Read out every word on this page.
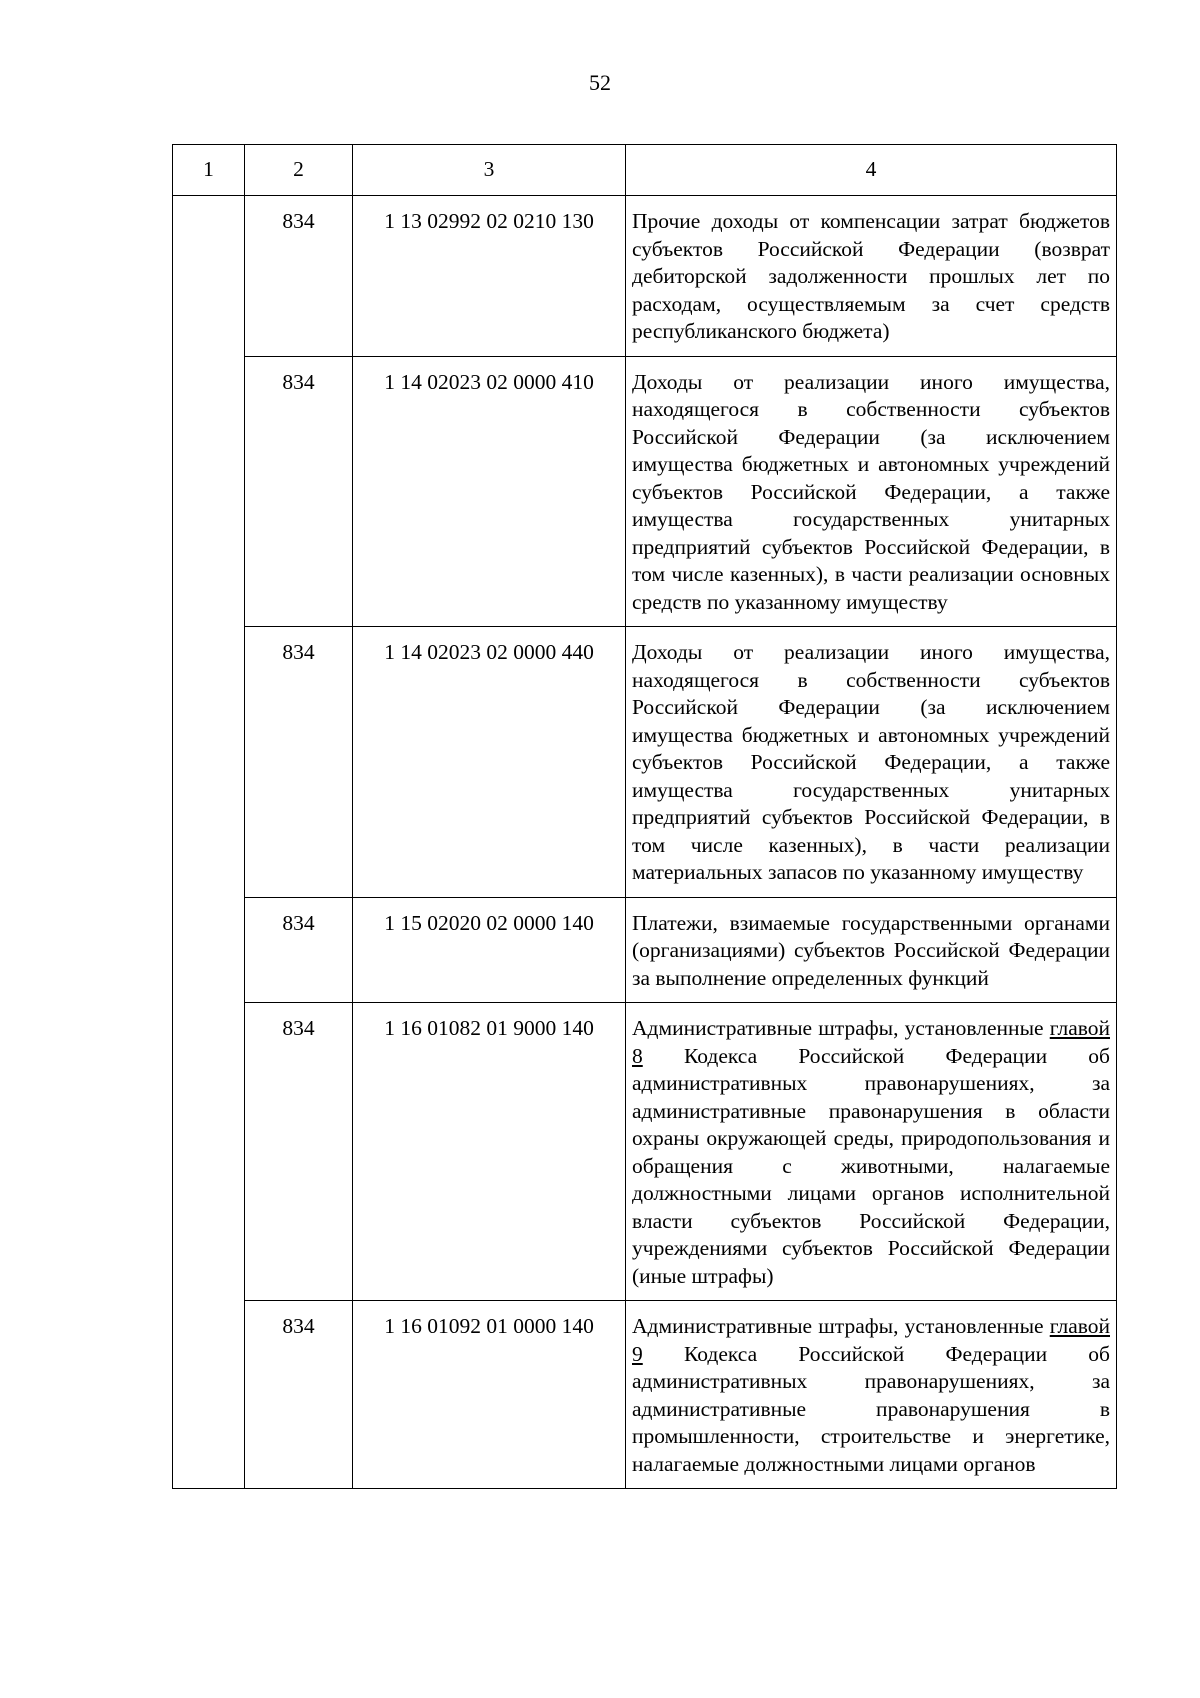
52
1	2	3	4
	834	1 13 02992 02 0210 130	Прочие доходы от компенсации затрат бюджетов субъектов Российской Федерации (возврат дебиторской задолженности прошлых лет по расходам, осуществляемым за счет средств республиканского бюджета)
	834	1 14 02023 02 0000 410	Доходы от реализации иного имущества, находящегося в собственности субъектов Российской Федерации (за исключением имущества бюджетных и автономных учреждений субъектов Российской Федерации, а также имущества государственных унитарных предприятий субъектов Российской Федерации, в том числе казенных), в части реализации основных средств по указанному имуществу
	834	1 14 02023 02 0000 440	Доходы от реализации иного имущества, находящегося в собственности субъектов Российской Федерации (за исключением имущества бюджетных и автономных учреждений субъектов Российской Федерации, а также имущества государственных унитарных предприятий субъектов Российской Федерации, в том числе казенных), в части реализации материальных запасов по указанному имуществу
	834	1 15 02020 02 0000 140	Платежи, взимаемые государственными органами (организациями) субъектов Российской Федерации за выполнение определенных функций
	834	1 16 01082 01 9000 140	Административные штрафы, установленные главой 8 Кодекса Российской Федерации об административных правонарушениях, за административные правонарушения в области охраны окружающей среды, природопользования и обращения с животными, налагаемые должностными лицами органов исполнительной власти субъектов Российской Федерации, учреждениями субъектов Российской Федерации (иные штрафы)
	834	1 16 01092 01 0000 140	Административные штрафы, установленные главой 9 Кодекса Российской Федерации об административных правонарушениях, за административные правонарушения в промышленности, строительстве и энергетике, налагаемые должностными лицами органов
